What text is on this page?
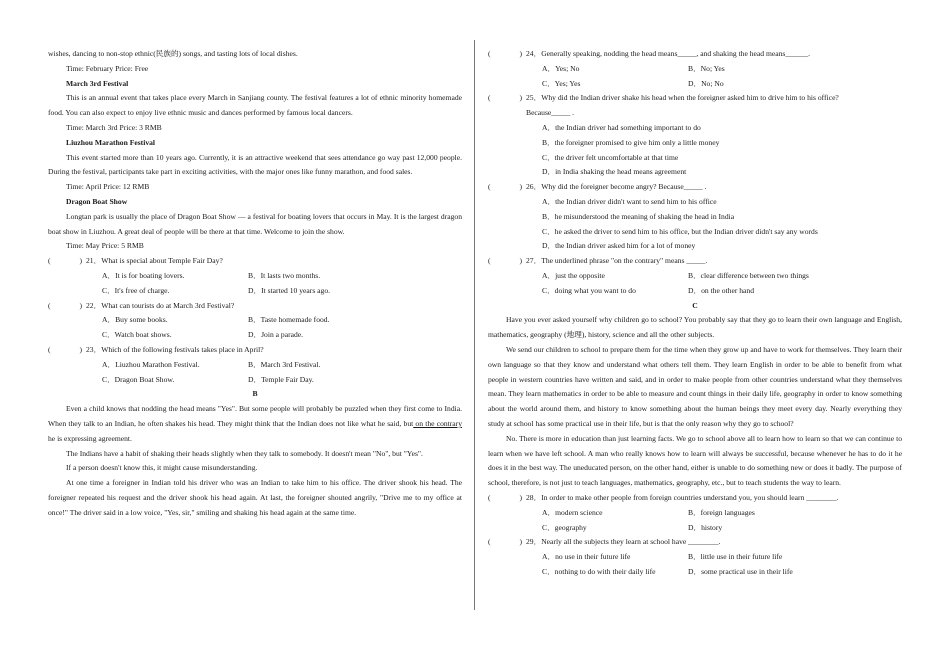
wishes, dancing to non-stop ethnic(民族的) songs, and tasting lots of local dishes.

Time: February Price: Free
March 3rd Festival

This is an annual event that takes place every March in Sanjiang county. The festival features a lot of ethnic minority homemade food. You can also expect to enjoy live ethnic music and dances performed by famous local dancers.

Time: March 3rd Price: 3 RMB
Liuzhou Marathon Festival

This event started more than 10 years ago. Currently, it is an attractive weekend that sees attendance go way past 12,000 people. During the festival, participants take part in exciting activities, with the major ones like funny marathon, and food sales.

Time: April Price: 12 RMB
Dragon Boat Show

Longtan park is usually the place of Dragon Boat Show — a festival for boating lovers that occurs in May. It is the largest dragon boat show in Liuzhou. A great deal of people will be there at that time. Welcome to join the show.

Time: May Price: 5 RMB
(	) 21 ． What is special about Temple Fair Day?
A．It is for boating lovers.	B．It lasts two months.
C．It's free of charge.	D．It started 10 years ago.
(	) 22 ． What can tourists do at March 3rd Festival?
A．Buy some books.	B．Taste homemade food.
C．Watch boat shows.	D．Join a parade.
(	) 23 ． Which of the following festivals takes place in April?
A．Liuzhou Marathon Festival.	B．March 3rd Festival.
C．Dragon Boat Show.	D．Temple Fair Day.
B

Even a child knows that nodding the head means "Yes". But some people will probably be puzzled when they first come to India. When they talk to an Indian, he often shakes his head. They might think that the Indian does not like what he said, but on the contrary he is expressing agreement.

The Indians have a habit of shaking their heads slightly when they talk to somebody. It doesn't mean "No", but "Yes".

If a person doesn't know this, it might cause misunderstanding.

At one time a foreigner in Indian told his driver who was an Indian to take him to his office. The driver shook his head. The foreigner repeated his request and the driver shook his head again. At last, the foreigner shouted angrily, "Drive me to my office at once!" The driver said in a low voice, "Yes, sir," smiling and shaking his head again at the same time.

(	) 24 ． Generally speaking, nodding the head means_____, and shaking the head means______.
A．Yes; No	B．No; Yes
C．Yes; Yes	D．No; No
(	) 25 ． Why did the Indian driver shake his head when the foreigner asked him to drive him to his office?
Because_____ .
A．the Indian driver had something important to do
B．the foreigner promised to give him only a little money
C．the driver felt uncomfortable at that time
D．in India shaking the head means agreement
(	) 26 ． Why did the foreigner become angry? Because_____ .
A．the Indian driver didn't want to send him to his office
B．he misunderstood the meaning of shaking the head in India
C．he asked the driver to send him to his office, but the Indian driver didn't say any words
D．the Indian driver asked him for a lot of money
(	) 27 ． The underlined phrase "on the contrary" means _____.
A．just the opposite	B．clear difference between two things
C．doing what you want to do	D．on the other hand
C

Have you ever asked yourself why children go to school? You probably say that they go to learn their own language and English, mathematics, geography (地理), history, science and all the other subjects.

We send our children to school to prepare them for the time when they grow up and have to work for themselves. They learn their own language so that they know and understand what others tell them. They learn English in order to be able to benefit from what people in western countries have written and said, and in order to make people from other countries understand what they themselves mean. They learn mathematics in order to be able to measure and count things in their daily life, geography in order to know something about the world around them, and history to know something about the human beings they meet every day. Nearly everything they study at school has some practical use in their life, but is that the only reason why they go to school?

No. There is more in education than just learning facts. We go to school above all to learn how to learn so that we can continue to learn when we have left school. A man who really knows how to learn will always be successful, because whenever he has to do it he does it in the best way. The uneducated person, on the other hand, either is unable to do something new or does it badly. The purpose of school, therefore, is not just to teach languages, mathematics, geography, etc., but to teach students the way to learn.

(	) 28 ． In order to make other people from foreign countries understand you, you should learn ________.
A．modern science	B．foreign languages
C．geography	D．history
(	) 29 ． Nearly all the subjects they learn at school have ________.
A．no use in their future life	B．little use in their future life
C．nothing to do with their daily life	D．some practical use in their life
